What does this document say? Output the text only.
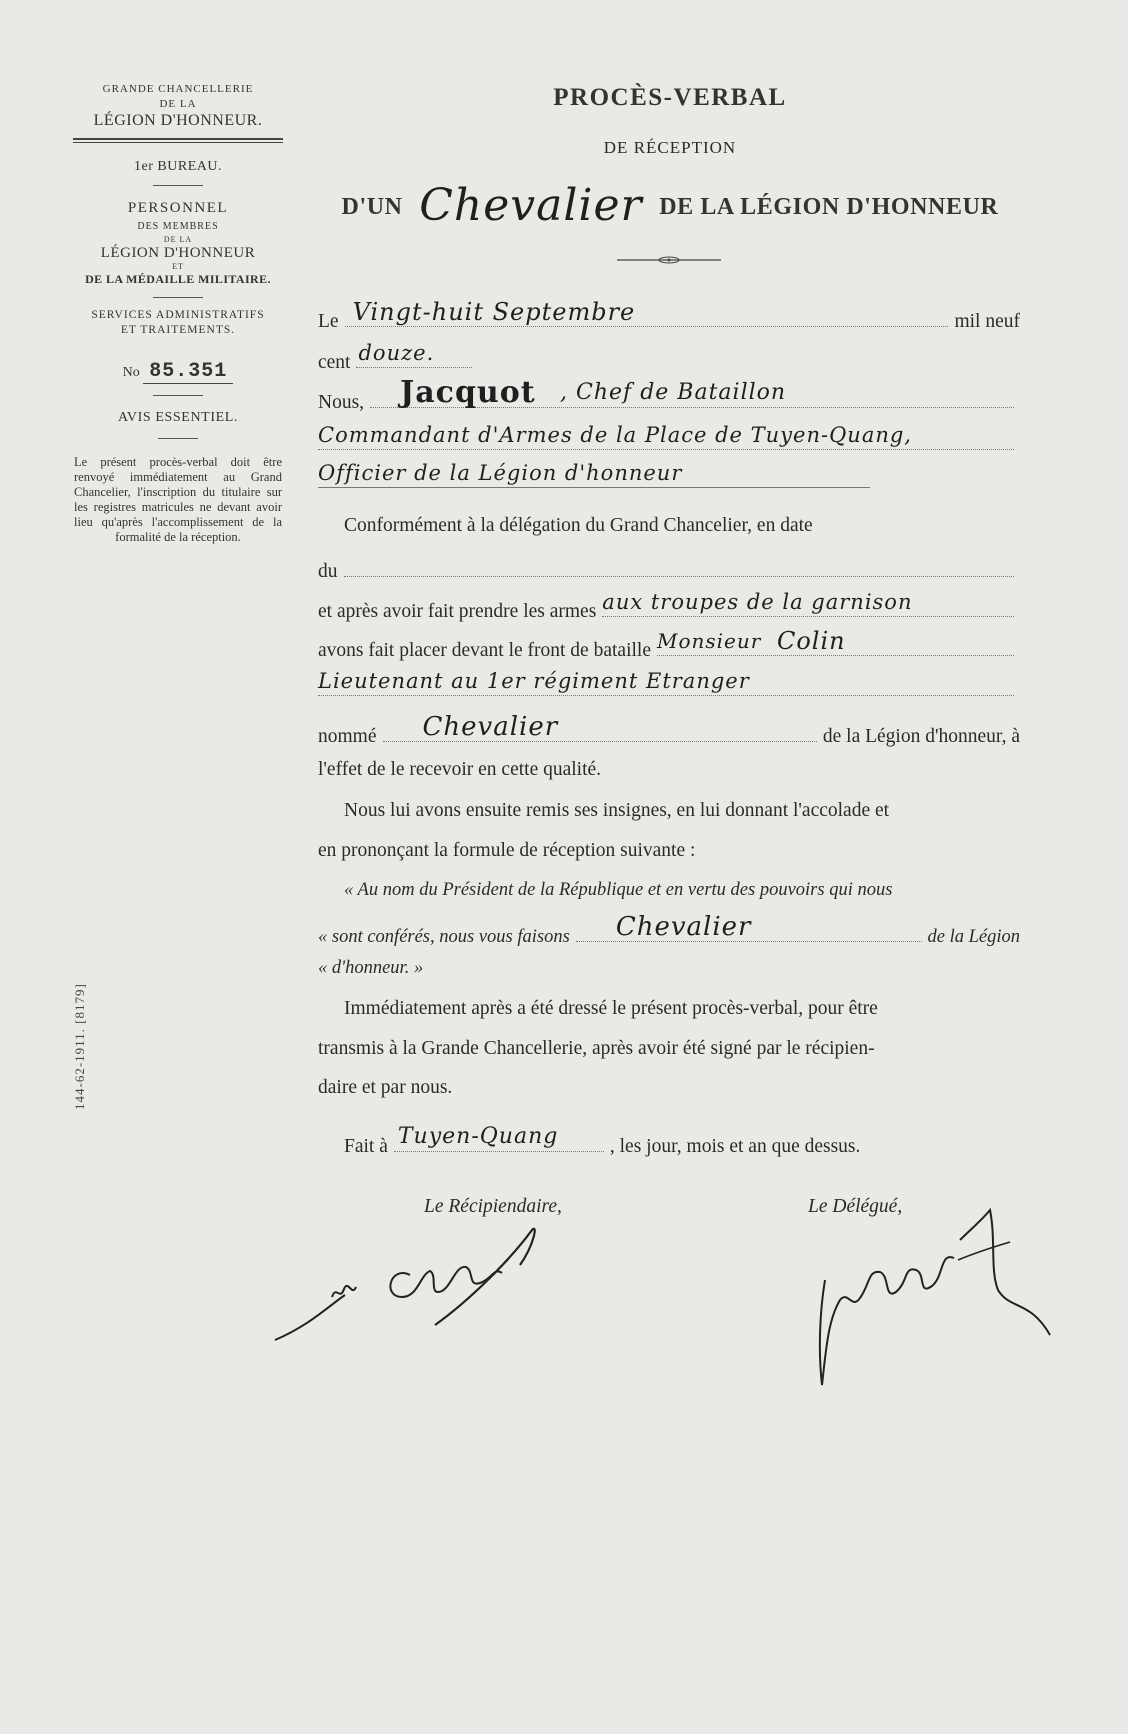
GRANDE CHANCELLERIE
DE LA
LÉGION D'HONNEUR.
1er BUREAU.
PERSONNEL
DES MEMBRES
DE LA
LÉGION D'HONNEUR
ET
DE LA MÉDAILLE MILITAIRE.
SERVICES ADMINISTRATIFS
ET TRAITEMENTS.
No 85.351
AVIS ESSENTIEL.
Le présent procès-verbal doit être renvoyé immédiatement au Grand Chancelier, l'inscription du titulaire sur les registres matricules ne devant avoir lieu qu'après l'accomplissement de la formalité de la réception.
144-62-1911. [8179]
PROCÈS-VERBAL
DE RÉCEPTION
D'UN Chevalier DE LA LÉGION D'HONNEUR
Le Vingt-huit Septembre	mil neuf
cent douze.
Nous, Jacquot , Chef de Bataillon
Commandant d'Armes de la Place de Tuyen-Quang,
Officier de la Légion d'honneur
Conformément à la délégation du Grand Chancelier, en date
du
et après avoir fait prendre les armes aux troupes de la garnison
avons fait placer devant le front de bataille Monsieur Colin
Lieutenant au 1er régiment Etranger
nommé Chevalier	de la Légion d'honneur, à
l'effet de le recevoir en cette qualité.
Nous lui avons ensuite remis ses insignes, en lui donnant l'accolade et
en prononçant la formule de réception suivante :
« Au nom du Président de la République et en vertu des pouvoirs qui nous
« sont conférés, nous vous faisons Chevalier	de la Légion
« d'honneur. »
Immédiatement après a été dressé le présent procès-verbal, pour être
transmis à la Grande Chancellerie, après avoir été signé par le récipien-
daire et par nous.
Fait à Tuyen-Quang	, les jour, mois et an que dessus.
Le Récipiendaire,	Le Délégué,
